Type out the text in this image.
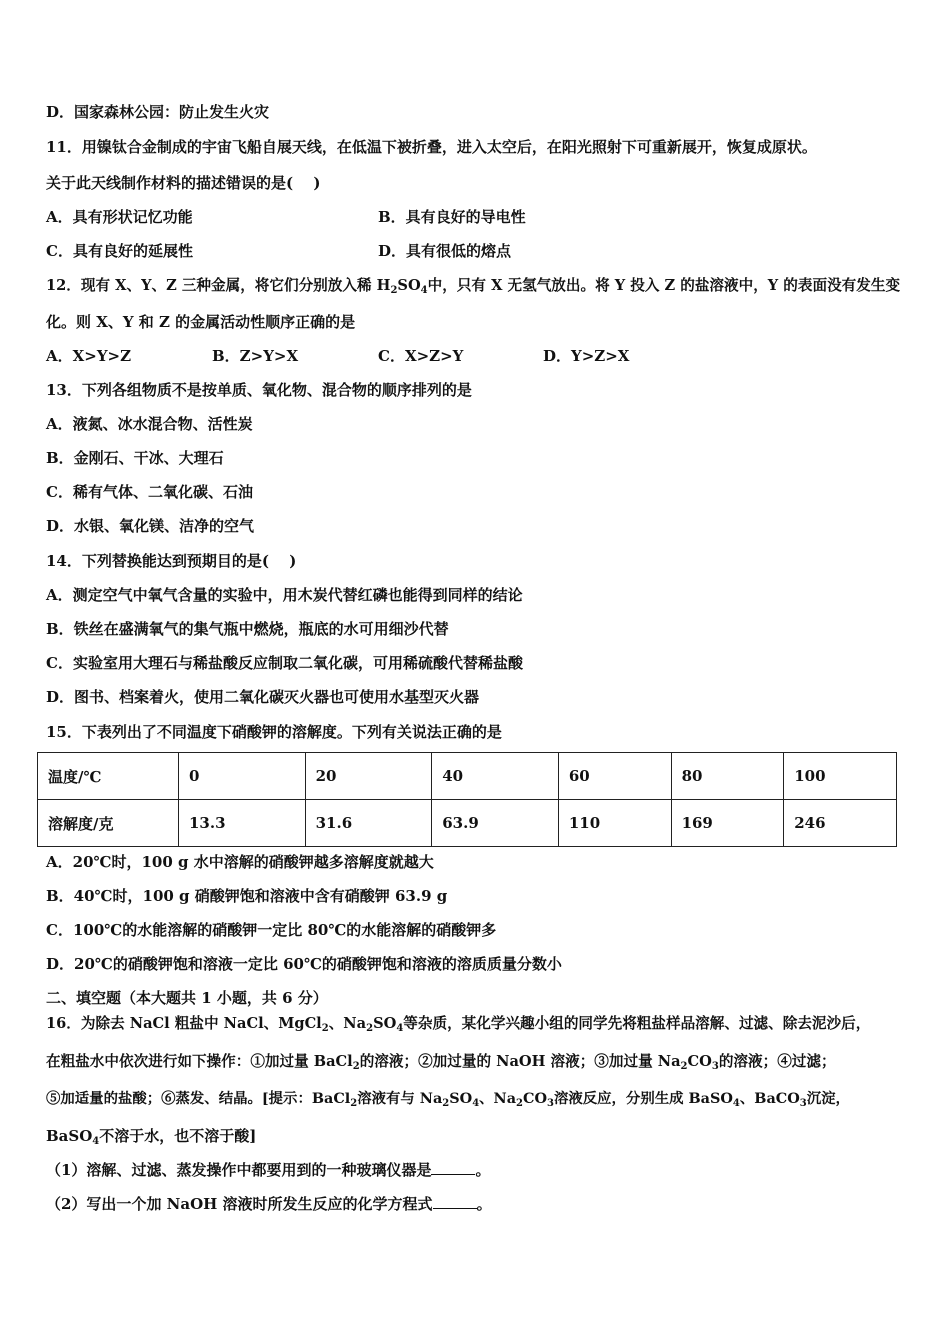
D．国家森林公园：防止发生火灾
11．用镍钛合金制成的宇宙飞船自展天线，在低温下被折叠，进入太空后，在阳光照射下可重新展开，恢复成原状。
关于此天线制作材料的描述错误的是(　 )
A．具有形状记忆功能	B．具有良好的导电性
C．具有良好的延展性	D．具有很低的熔点
12．现有 X、Y、Z 三种金属，将它们分别放入稀 $H_2SO_4$中，只有 X 无氢气放出。将 Y 投入 Z 的盐溶液中，Y 的表面没有发生变
化。则 X、Y 和 Z 的金属活动性顺序正确的是
A．X>Y>Z	B．Z>Y>X	C．X>Z>Y	D．Y>Z>X
13．下列各组物质不是按单质、氧化物、混合物的顺序排列的是
A．液氮、冰水混合物、活性炭
B．金刚石、干冰、大理石
C．稀有气体、二氧化碳、石油
D．水银、氧化镁、洁净的空气
14．下列替换能达到预期目的是(　 )
A．测定空气中氧气含量的实验中，用木炭代替红磷也能得到同样的结论
B．铁丝在盛满氧气的集气瓶中燃烧，瓶底的水可用细沙代替
C．实验室用大理石与稀盐酸反应制取二氧化碳，可用稀硫酸代替稀盐酸
D．图书、档案着火，使用二氧化碳灭火器也可使用水基型灭火器
15．下表列出了不同温度下硝酸钾的溶解度。下列有关说法正确的是
温度/℃	0	20	40	60	80	100
溶解度/克	13.3	31.6	63.9	110	169	246
A．20℃时，100 g 水中溶解的硝酸钾越多溶解度就越大
B．40℃时，100 g 硝酸钾饱和溶液中含有硝酸钾 63.9 g
C．100℃的水能溶解的硝酸钾一定比 80℃的水能溶解的硝酸钾多
D．20℃的硝酸钾饱和溶液一定比 60℃的硝酸钾饱和溶液的溶质质量分数小
二、填空题（本大题共 1 小题，共 6 分）
16．为除去 NaCl 粗盐中 NaCl、MgCl$_2$、$Na_2SO_4$等杂质，某化学兴趣小组的同学先将粗盐样品溶解、过滤、除去泥沙后，
在粗盐水中依次进行如下操作：①加过量 BaCl$_2$的溶液；②加过量的 NaOH 溶液；③加过量 $Na_2CO_3$的溶液；④过滤；
⑤加适量的盐酸；⑥蒸发、结晶。[提示：BaCl$_2$溶液有与 $Na_2SO_4$、$Na_2CO_3$溶液反应，分别生成 BaSO$_4$、BaCO$_3$沉淀，
BaSO$_4$不溶于水，也不溶于酸]
（1）溶解、过滤、蒸发操作中都要用到的一种玻璃仪器是	。
（2）写出一个加 NaOH 溶液时所发生反应的化学方程式	。
